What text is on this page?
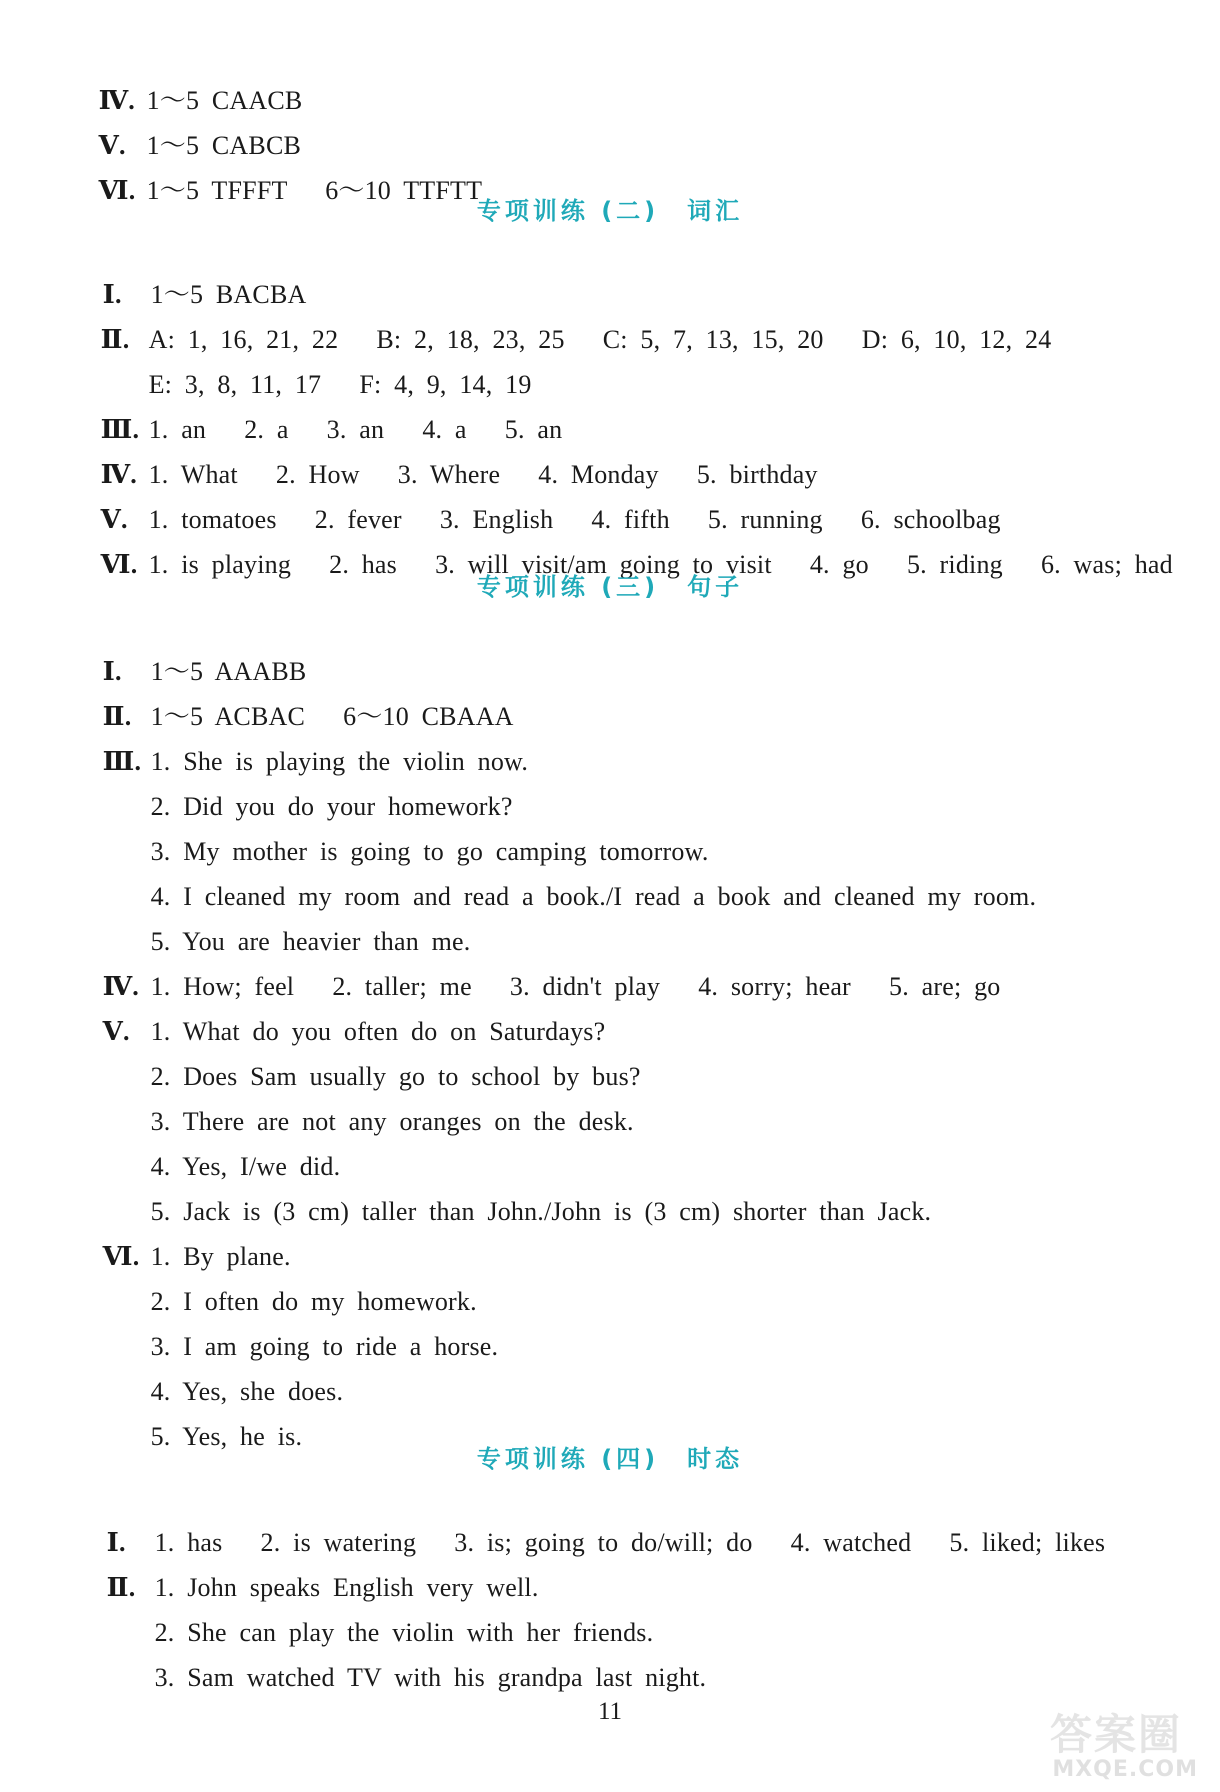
Ⅳ. 1～5 CAACB

Ⅴ. 1～5 CABCB

Ⅵ. 1～5 TFFFT   6～10 TTFTT

专项训练 (二) 词汇

Ⅰ. 1～5 BACBA

Ⅱ. A: 1, 16, 21, 22   B: 2, 18, 23, 25   C: 5, 7, 13, 15, 20   D: 6, 10, 12, 24

E: 3, 8, 11, 17   F: 4, 9, 14, 19

Ⅲ. 1. an   2. a   3. an   4. a   5. an

Ⅳ. 1. What   2. How   3. Where   4. Monday   5. birthday

Ⅴ. 1. tomatoes   2. fever   3. English   4. fifth   5. running   6. schoolbag

Ⅵ. 1. is playing   2. has   3. will visit/am going to visit   4. go   5. riding   6. was; had

专项训练 (三) 句子

Ⅰ. 1～5 AAABB

Ⅱ. 1～5 ACBAC   6～10 CBAAA

Ⅲ. 1. She is playing the violin now.

2. Did you do your homework?

3. My mother is going to go camping tomorrow.

4. I cleaned my room and read a book./I read a book and cleaned my room.

5. You are heavier than me.

Ⅳ. 1. How; feel   2. taller; me   3. didn't play   4. sorry; hear   5. are; go

Ⅴ. 1. What do you often do on Saturdays?

2. Does Sam usually go to school by bus?

3. There are not any oranges on the desk.

4. Yes, I/we did.

5. Jack is (3 cm) taller than John./John is (3 cm) shorter than Jack.

Ⅵ. 1. By plane.

2. I often do my homework.

3. I am going to ride a horse.

4. Yes, she does.

5. Yes, he is.

专项训练 (四) 时态

Ⅰ. 1. has   2. is watering   3. is; going to do/will; do   4. watched   5. liked; likes

Ⅱ. 1. John speaks English very well.

2. She can play the violin with her friends.

3. Sam watched TV with his grandpa last night.

11	答案圈
MXQE.COM
